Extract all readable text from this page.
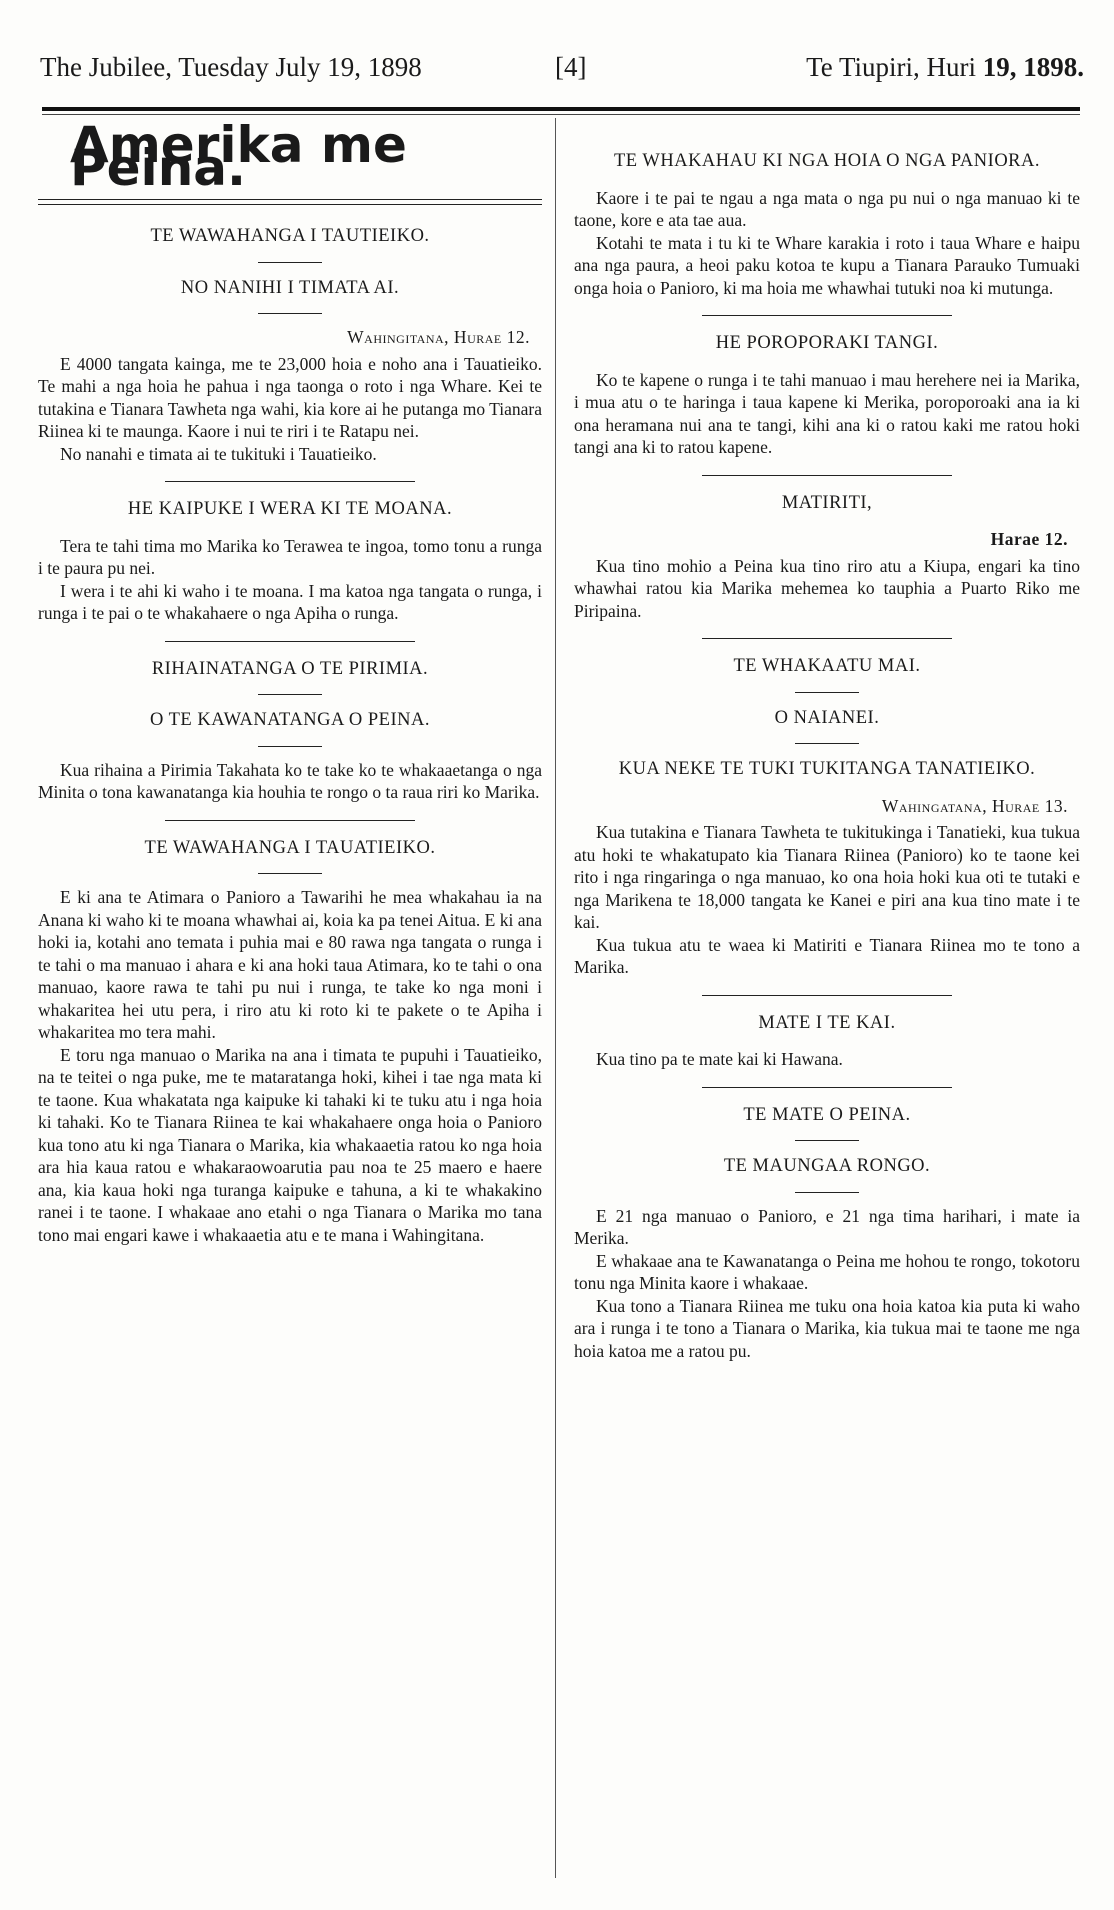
The Jubilee, Tuesday July 19, 1898	[4]	Te Tiupiri, Huri 19, 1898.
Amerika me Peina.
TE WAWAHANGA I TAUTIEIKO.
NO NANIHI I TIMATA AI.
Wahingitana, Hurae 12.

E 4000 tangata kainga, me te 23,000 hoia e noho ana i Tauatieiko. Te mahi a nga hoia he pahua i nga taonga o roto i nga Whare. Kei te tutakina e Tianara Tawheta nga wahi, kia kore ai he putanga mo Tianara Riinea ki te maunga. Kaore i nui te riri i te Ratapu nei.

No nanahi e timata ai te tukituki i Tauatieiko.

HE KAIPUKE I WERA KI TE MOANA.

Tera te tahi tima mo Marika ko Terawea te ingoa, tomo tonu a runga i te paura pu nei.

I wera i te ahi ki waho i te moana. I ma katoa nga tangata o runga, i runga i te pai o te whakahaere o nga Apiha o runga.

RIHAINATANGA O TE PIRIMIA.
O TE KAWANATANGA O PEINA.

Kua rihaina a Pirimia Takahata ko te take ko te whakaaetanga o nga Minita o tona kawanatanga kia houhia te rongo o ta raua riri ko Marika.

TE WAWAHANGA I TAUATIEIKO.

E ki ana te Atimara o Panioro a Tawarihi he mea whakahau ia na Anana ki waho ki te moana whawhai ai, koia ka pa tenei Aitua. E ki ana hoki ia, kotahi ano temata i puhia mai e 80 rawa nga tangata o runga i te tahi o ma manuao i ahara e ki ana hoki taua Atimara, ko te tahi o ona manuao, kaore rawa te tahi pu nui i runga, te take ko nga moni i whakaritea hei utu pera, i riro atu ki roto ki te pakete o te Apiha i whakaritea mo tera mahi.

E toru nga manuao o Marika na ana i timata te pupuhi i Tauatieiko, na te teitei o nga puke, me te mataratanga hoki, kihei i tae nga mata ki te taone. Kua whakatata nga kaipuke ki tahaki ki te tuku atu i nga hoia ki tahaki. Ko te Tianara Riinea te kai whakahaere onga hoia o Panioro kua tono atu ki nga Tianara o Marika, kia whakaaetia ratou ko nga hoia ara hia kaua ratou e whakaraowoarutia pau noa te 25 maero e haere ana, kia kaua hoki nga turanga kaipuke e tahuna, a ki te whakakino ranei i te taone. I whakaae ano etahi o nga Tianara o Marika mo tana tono mai engari kawe i whakaaetia atu e te mana i Wahingitana.

TE WHAKAHAU KI NGA HOIA O NGA PANIORA.

Kaore i te pai te ngau a nga mata o nga pu nui o nga manuao ki te taone, kore e ata tae aua.

Kotahi te mata i tu ki te Whare karakia i roto i taua Whare e haipu ana nga paura, a heoi paku kotoa te kupu a Tianara Parauko Tumuaki onga hoia o Panioro, ki ma hoia me whawhai tutuki noa ki mutunga.

HE POROPORAKI TANGI.

Ko te kapene o runga i te tahi manuao i mau herehere nei ia Marika, i mua atu o te haringa i taua kapene ki Merika, poroporoaki ana ia ki ona heramana nui ana te tangi, kihi ana ki o ratou kaki me ratou hoki tangi ana ki to ratou kapene.

MATIRITI,
Harae 12.

Kua tino mohio a Peina kua tino riro atu a Kiupa, engari ka tino whawhai ratou kia Marika mehemea ko tauphia a Puarto Riko me Piripaina.

TE WHAKAATU MAI.
O NAIANEI.
KUA NEKE TE TUKI TUKITANGA TANATIEIKO.
Wahingatana, Hurae 13.

Kua tutakina e Tianara Tawheta te tukitukinga i Tanatieki, kua tukua atu hoki te whakatupato kia Tianara Riinea (Panioro) ko te taone kei rito i nga ringaringa o nga manuao, ko ona hoia hoki kua oti te tutaki e nga Marikena te 18,000 tangata ke Kanei e piri ana kua tino mate i te kai.

Kua tukua atu te waea ki Matiriti e Tianara Riinea mo te tono a Marika.

MATE I TE KAI.

Kua tino pa te mate kai ki Hawana.

TE MATE O PEINA.
TE MAUNGAA RONGO.

E 21 nga manuao o Panioro, e 21 nga tima harihari, i mate ia Merika.

E whakaae ana te Kawanatanga o Peina me hohou te rongo, tokotoru tonu nga Minita kaore i whakaae.

Kua tono a Tianara Riinea me tuku ona hoia katoa kia puta ki waho ara i runga i te tono a Tianara o Marika, kia tukua mai te taone me nga hoia katoa me a ratou pu.
